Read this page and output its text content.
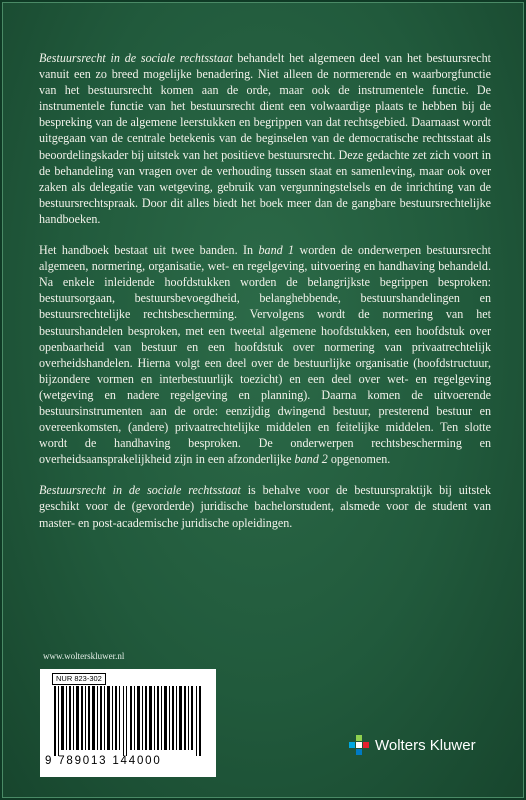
Bestuursrecht in de sociale rechtsstaat behandelt het algemeen deel van het bestuursrecht vanuit een zo breed mogelijke benadering. Niet alleen de normerende en waarborgfunctie van het bestuursrecht komen aan de orde, maar ook de instrumentele functie. De instrumentele functie van het bestuursrecht dient een volwaardige plaats te hebben bij de bespreking van de algemene leerstukken en begrippen van dat rechtsgebied. Daarnaast wordt uitgegaan van de centrale betekenis van de beginselen van de democratische rechtsstaat als beoordelingskader bij uitstek van het positieve bestuursrecht. Deze gedachte zet zich voort in de behandeling van vragen over de verhouding tussen staat en samenleving, maar ook over zaken als delegatie van wetgeving, gebruik van vergunningstelsels en de inrichting van de bestuursrechtspraak. Door dit alles biedt het boek meer dan de gangbare bestuursrechtelijke handboeken.

Het handboek bestaat uit twee banden. In band 1 worden de onderwerpen bestuursrecht algemeen, normering, organisatie, wet- en regelgeving, uitvoering en handhaving behandeld. Na enkele inleidende hoofdstukken worden de belangrijkste begrippen besproken: bestuursorgaan, bestuursbevoegdheid, belanghebbende, bestuurshandelingen en bestuursrechtelijke rechtsbescherming. Vervolgens wordt de normering van het bestuurshandelen besproken, met een tweetal algemene hoofdstukken, een hoofdstuk over openbaarheid van bestuur en een hoofdstuk over normering van privaatrechtelijk overheidshandelen. Hierna volgt een deel over de bestuurlijke organisatie (hoofdstructuur, bijzondere vormen en interbestuurlijk toezicht) en een deel over wet- en regelgeving (wetgeving en nadere regelgeving en planning). Daarna komen de uitvoerende bestuursinstrumenten aan de orde: eenzijdig dwingend bestuur, presterend bestuur en overeenkomsten, (andere) privaatrechtelijke middelen en feitelijke middelen. Ten slotte wordt de handhaving besproken. De onderwerpen rechtsbescherming en overheidsaansprakelijkheid zijn in een afzonderlijke band 2 opgenomen.

Bestuursrecht in de sociale rechtsstaat is behalve voor de bestuurspraktijk bij uitstek geschikt voor de (gevorderde) juridische bachelorstudent, alsmede voor de student van master- en post-academische juridische opleidingen.

www.wolterskluwer.nl
NUR 823-302
9 789013 144000
Wolters Kluwer
